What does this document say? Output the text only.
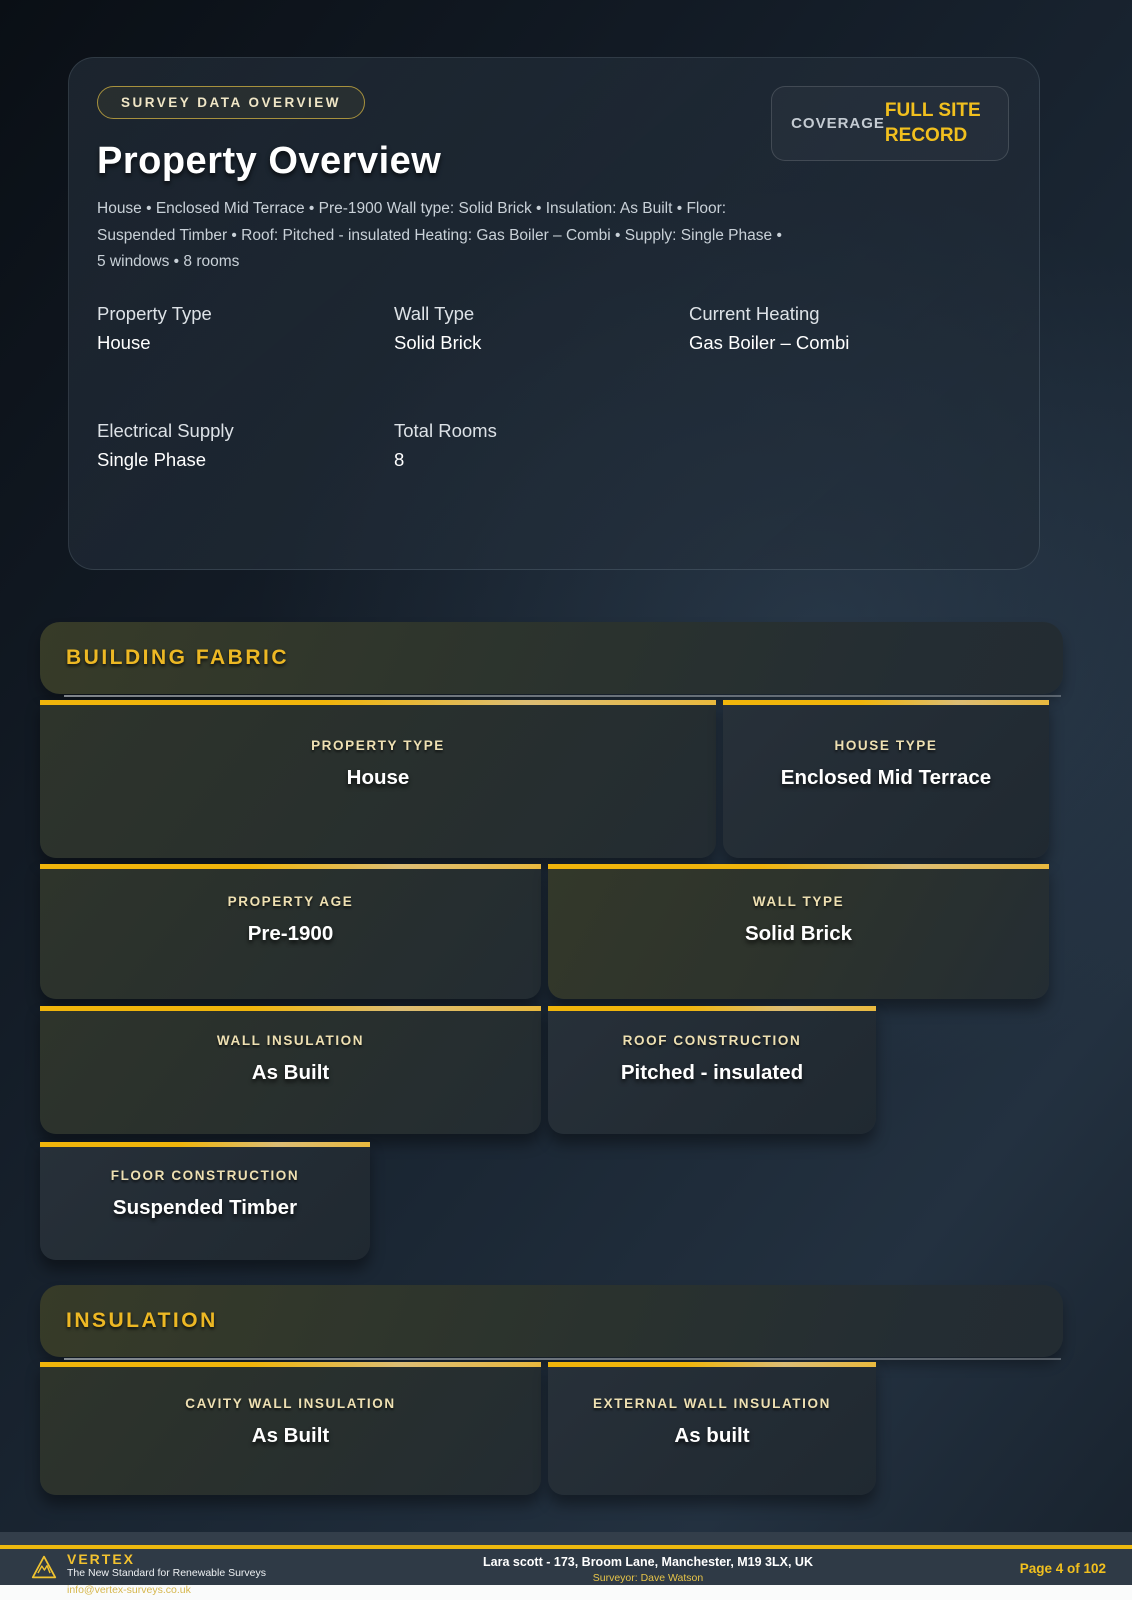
SURVEY DATA OVERVIEW
COVERAGE
FULL SITE RECORD
Property Overview

House • Enclosed Mid Terrace • Pre-1900 Wall type: Solid Brick • Insulation: As Built • Floor: Suspended Timber • Roof: Pitched - insulated Heating: Gas Boiler – Combi • Supply: Single Phase • 5 windows • 8 rooms

Property Type
House
Wall Type
Solid Brick
Current Heating
Gas Boiler – Combi
Electrical Supply
Single Phase
Total Rooms
8
BUILDING FABRIC
PROPERTY TYPE
House
HOUSE TYPE
Enclosed Mid Terrace
PROPERTY AGE
Pre-1900
WALL TYPE
Solid Brick
WALL INSULATION
As Built
ROOF CONSTRUCTION
Pitched - insulated
FLOOR CONSTRUCTION
Suspended Timber
INSULATION
CAVITY WALL INSULATION
As Built
EXTERNAL WALL INSULATION
As built
VERTEX
The New Standard for Renewable Surveys
info@vertex-surveys.co.uk
Lara scott - 173, Broom Lane, Manchester, M19 3LX, UK
Surveyor: Dave Watson
Page 4 of 102
